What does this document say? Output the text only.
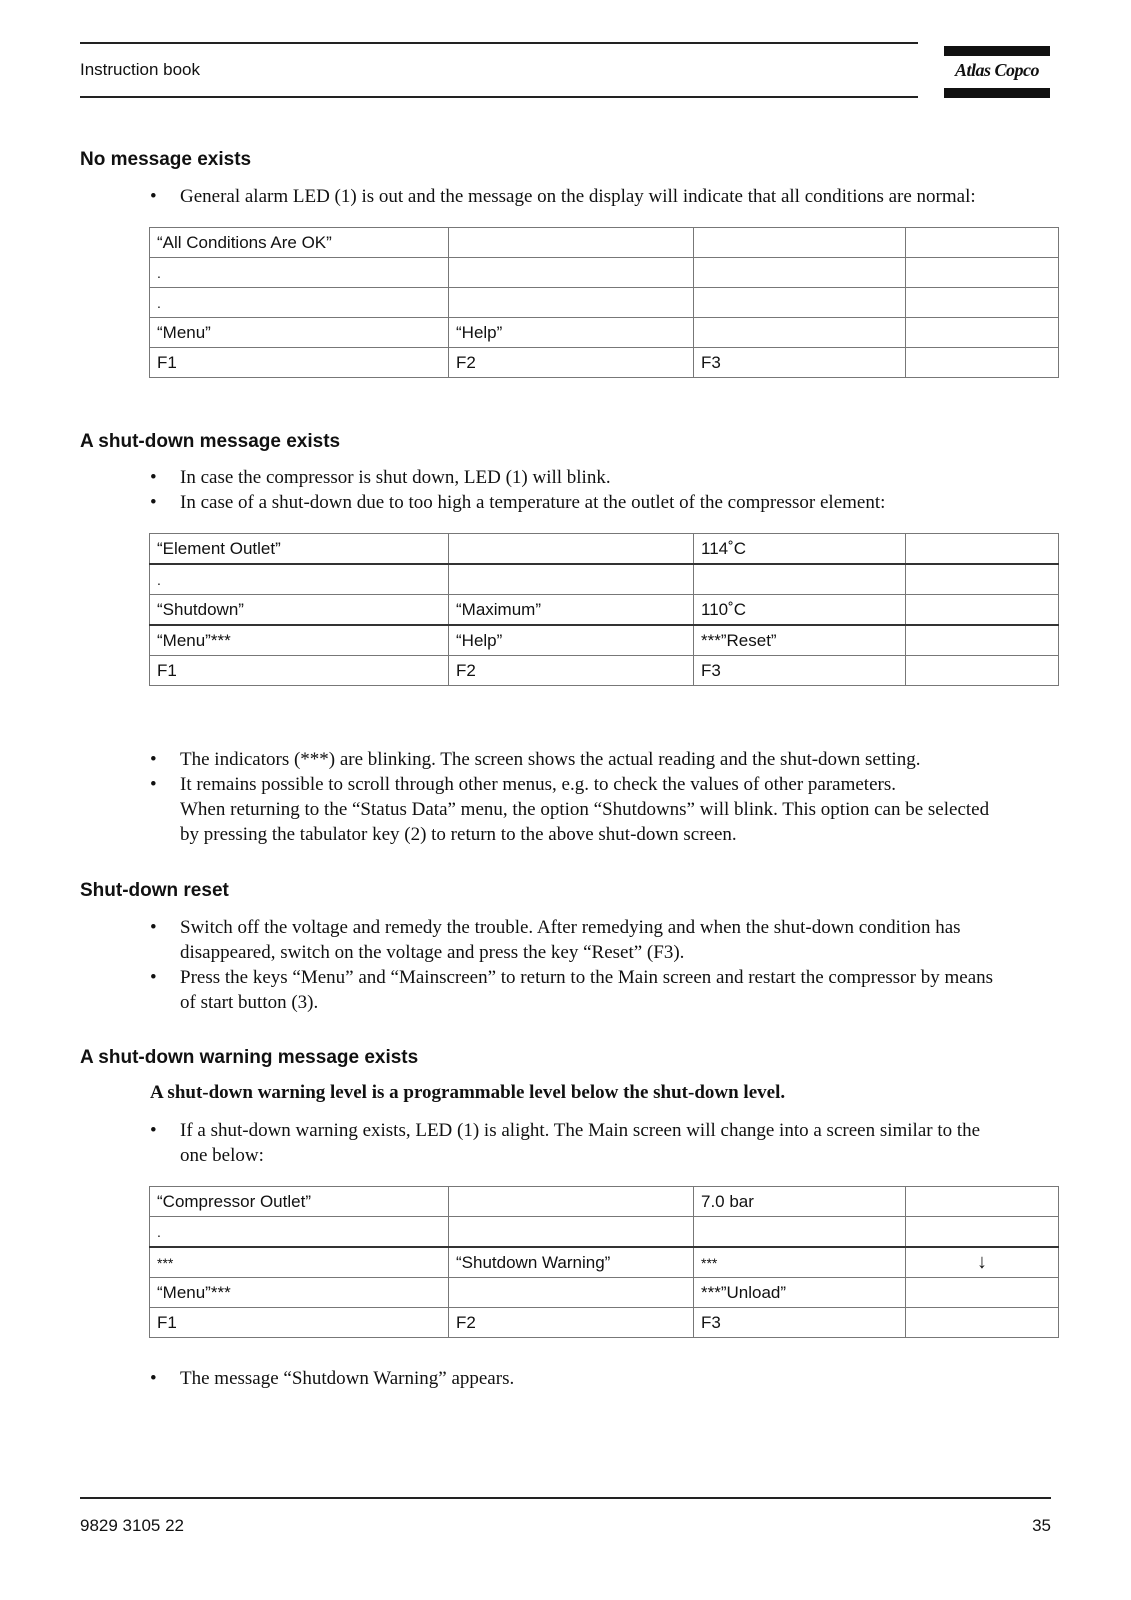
Instruction book	Atlas Copco
No message exists
• General alarm LED (1) is out and the message on the display will indicate that all conditions are normal:
“All Conditions Are OK”			
.			
.			
“Menu”	“Help”		
F1	F2	F3	
A shut-down message exists
• In case the compressor is shut down, LED (1) will blink.
• In case of a shut-down due to too high a temperature at the outlet of the compressor element:
“Element Outlet”		114˚C	
.			
“Shutdown”	“Maximum”	110˚C	
“Menu”***	“Help”	***”Reset”	
F1	F2	F3	
• The indicators (***) are blinking. The screen shows the actual reading and the shut-down setting.
• It remains possible to scroll through other menus, e.g. to check the values of other parameters.
When returning to the “Status Data” menu, the option “Shutdowns” will blink. This option can be selected
by pressing the tabulator key (2) to return to the above shut-down screen.
Shut-down reset
• Switch off the voltage and remedy the trouble. After remedying and when the shut-down condition has
disappeared, switch on the voltage and press the key “Reset” (F3).
• Press the keys “Menu” and “Mainscreen” to return to the Main screen and restart the compressor by means
of start button (3).
A shut-down warning message exists
A shut-down warning level is a programmable level below the shut-down level.
• If a shut-down warning exists, LED (1) is alight. The Main screen will change into a screen similar to the
one below:
“Compressor Outlet”		7.0 bar	
.			
***	“Shutdown Warning”	***	↓
“Menu”***		***”Unload”	
F1	F2	F3	
• The message “Shutdown Warning” appears.
9829 3105 22	35
